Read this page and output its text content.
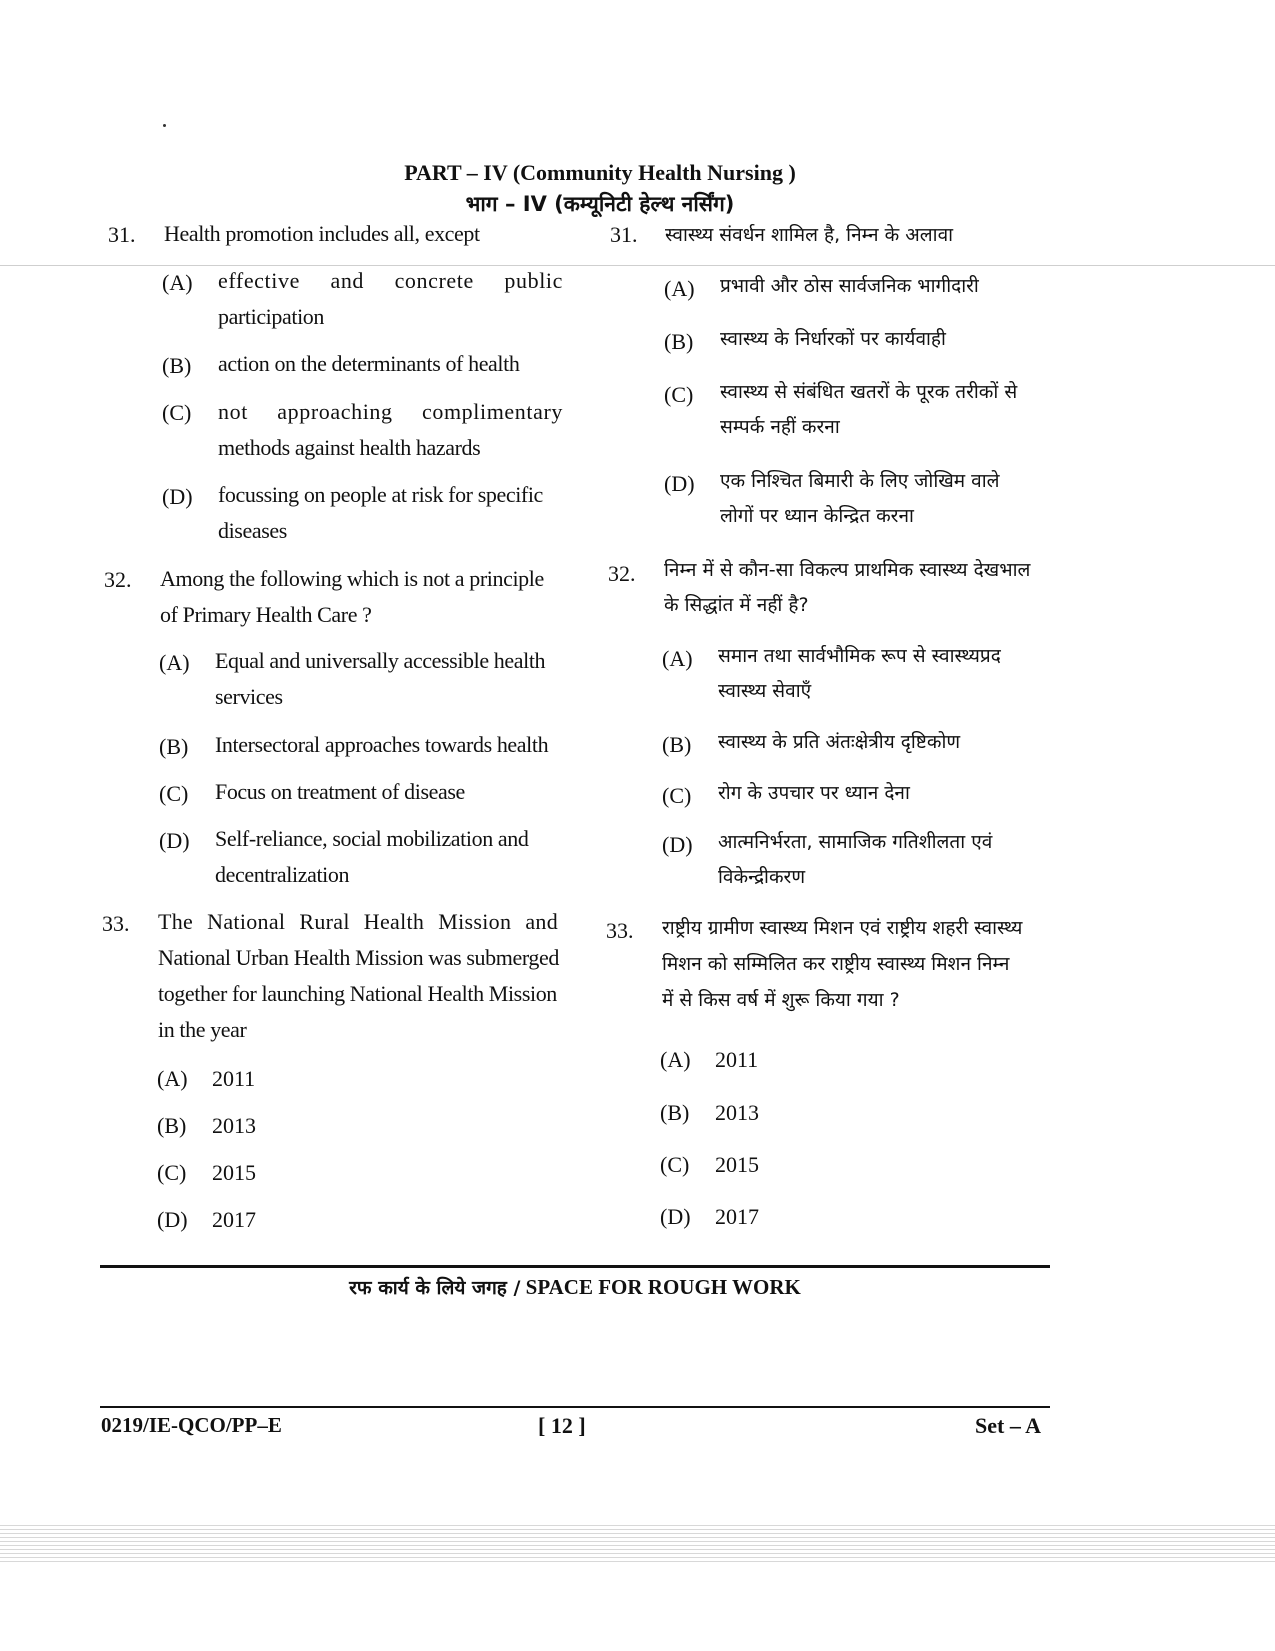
PART – IV (Community Health Nursing )
भाग – IV (कम्यूनिटी हेल्थ नर्सिंग)
31. Health promotion includes all, except
(A) effective and concrete public
participation
(B) action on the determinants of health
(C) not approaching complimentary
methods against health hazards
(D) focussing on people at risk for specific
diseases
32. Among the following which is not a principle
of Primary Health Care ?
(A) Equal and universally accessible health
services
(B) Intersectoral approaches towards health
(C) Focus on treatment of disease
(D) Self-reliance, social mobilization and
decentralization
33. The National Rural Health Mission and
National Urban Health Mission was submerged
together for launching National Health Mission
in the year
(A) 2011
(B) 2013
(C) 2015
(D) 2017
31. स्वास्थ्य संवर्धन शामिल है, निम्न के अलावा
(A) प्रभावी और ठोस सार्वजनिक भागीदारी
(B) स्वास्थ्य के निर्धारकों पर कार्यवाही
(C) स्वास्थ्य से संबंधित खतरों के पूरक तरीकों से
सम्पर्क नहीं करना
(D) एक निश्चित बिमारी के लिए जोखिम वाले
लोगों पर ध्यान केन्द्रित करना
32. निम्न में से कौन-सा विकल्प प्राथमिक स्वास्थ्य देखभाल
के सिद्धांत में नहीं है?
(A) समान तथा सार्वभौमिक रूप से स्वास्थ्यप्रद
स्वास्थ्य सेवाएँ
(B) स्वास्थ्य के प्रति अंतःक्षेत्रीय दृष्टिकोण
(C) रोग के उपचार पर ध्यान देना
(D) आत्मनिर्भरता, सामाजिक गतिशीलता एवं
विकेन्द्रीकरण
33. राष्ट्रीय ग्रामीण स्वास्थ्य मिशन एवं राष्ट्रीय शहरी स्वास्थ्य
मिशन को सम्मिलित कर राष्ट्रीय स्वास्थ्य मिशन निम्न
में से किस वर्ष में शुरू किया गया ?
(A) 2011
(B) 2013
(C) 2015
(D) 2017
रफ कार्य के लिये जगह / SPACE FOR ROUGH WORK
0219/IE-QCO/PP–E	[ 12 ]	Set – A
